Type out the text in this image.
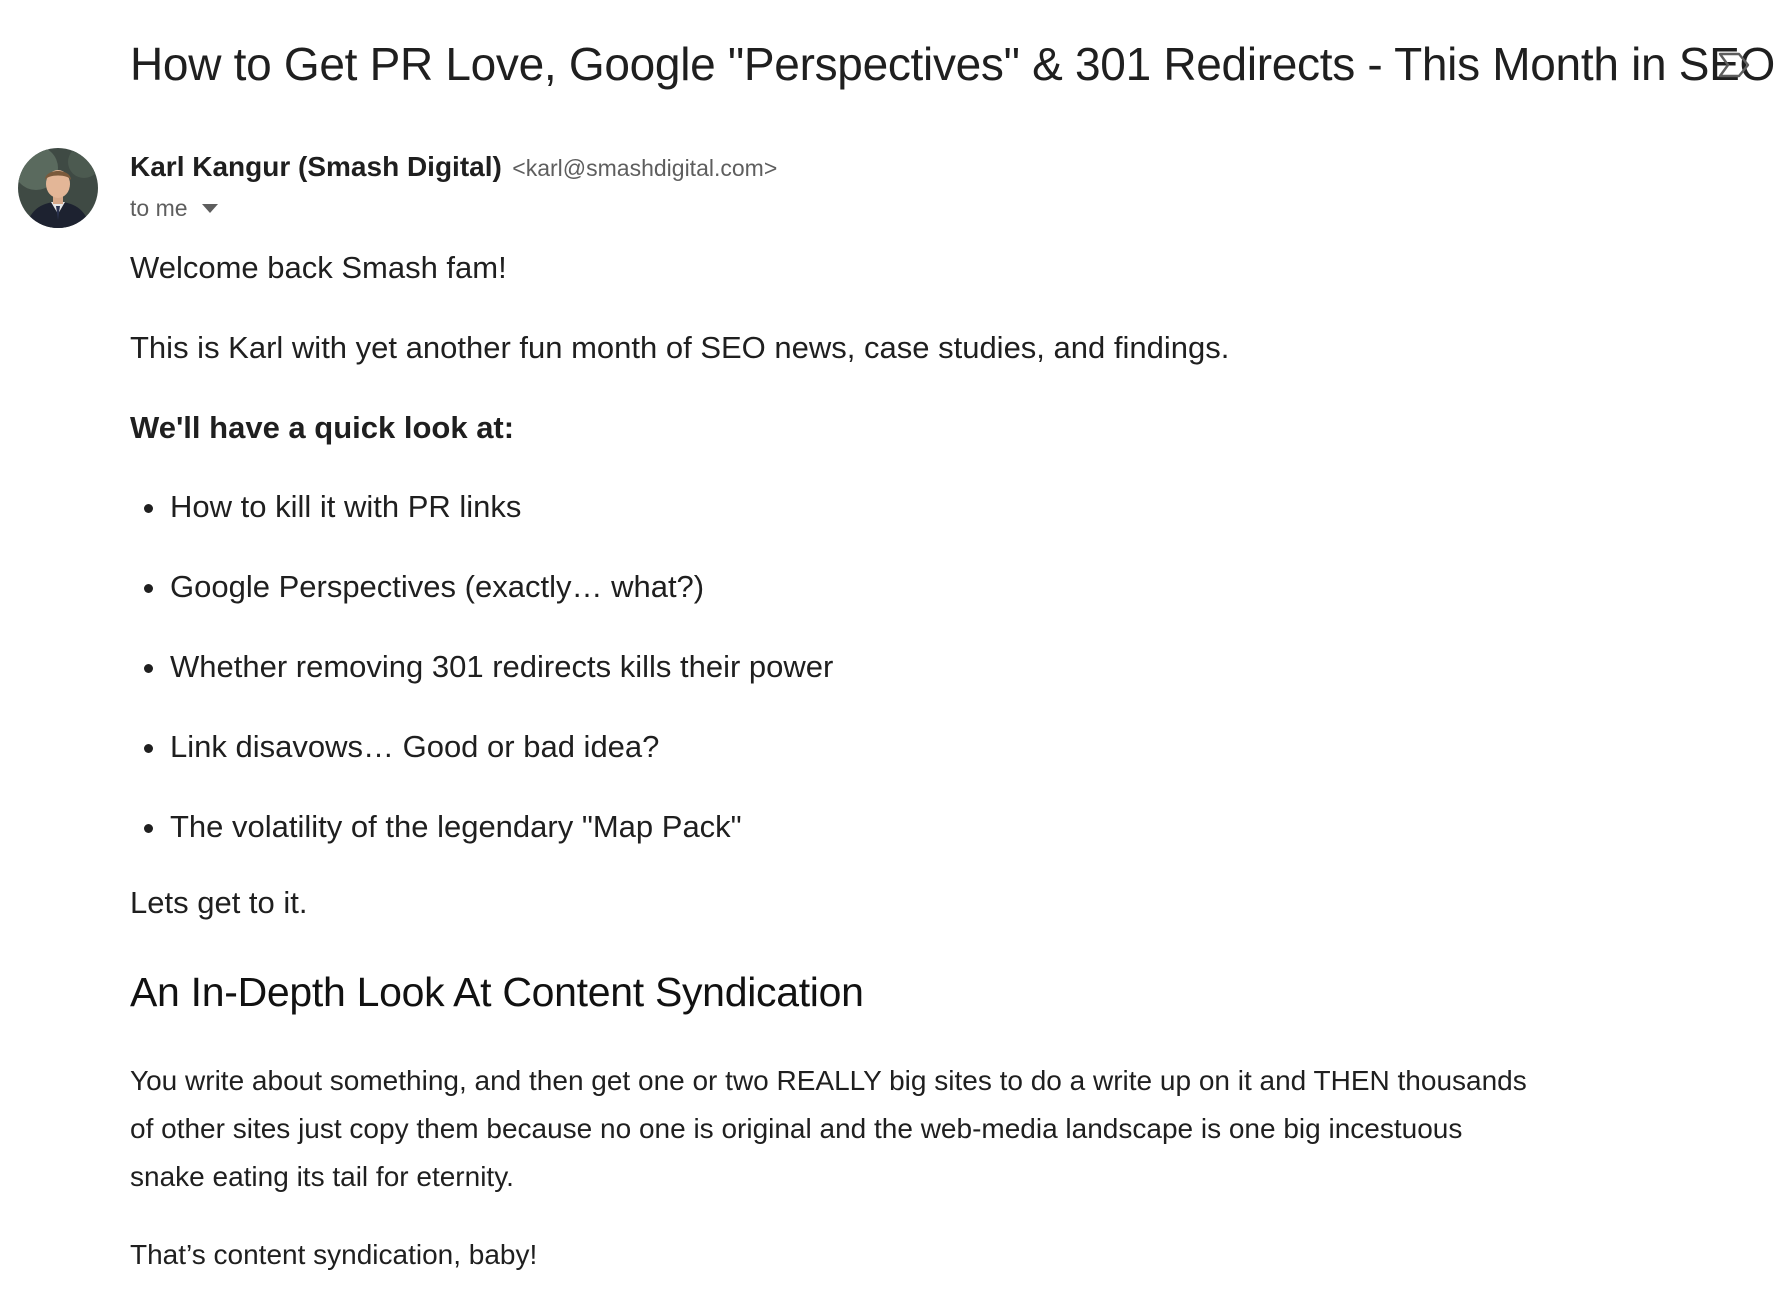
How to Get PR Love, Google "Perspectives" & 301 Redirects - This Month in SEO
Karl Kangur (Smash Digital) <karl@smashdigital.com>
to me

Welcome back Smash fam!

This is Karl with yet another fun month of SEO news, case studies, and findings.

We'll have a quick look at:

How to kill it with PR links
Google Perspectives (exactly… what?)
Whether removing 301 redirects kills their power
Link disavows… Good or bad idea?
The volatility of the legendary "Map Pack"

Lets get to it.

An In-Depth Look At Content Syndication

You write about something, and then get one or two REALLY big sites to do a write up on it and THEN thousands of other sites just copy them because no one is original and the web-media landscape is one big incestuous snake eating its tail for eternity.

That’s content syndication, baby!
